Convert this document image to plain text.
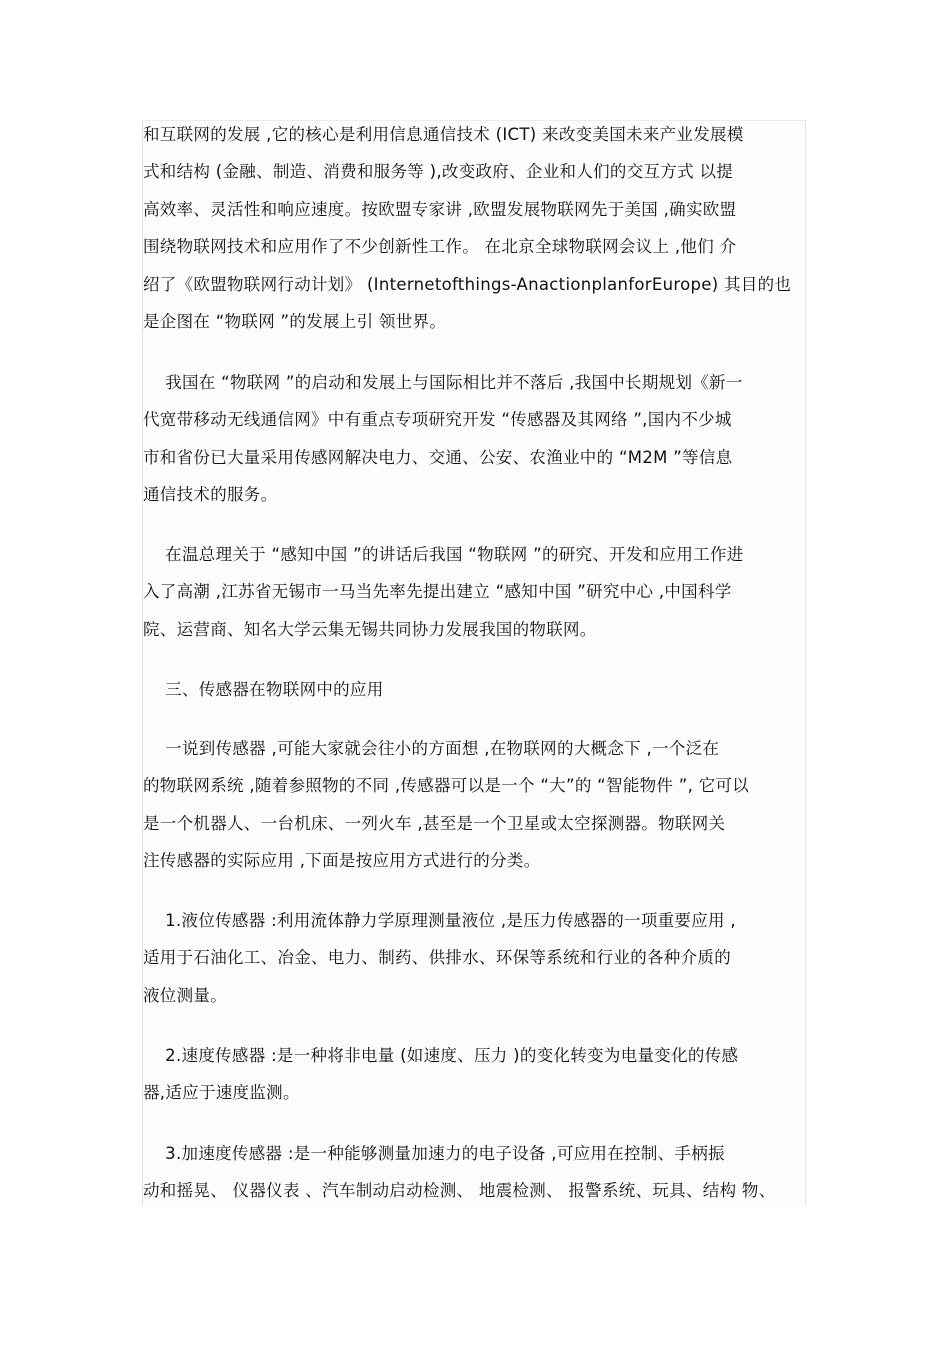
和互联网的发展 ,它的核心是利用信息通信技术 (ICT) 来改变美国未来产业发展模
式和结构 (金融、制造、消费和服务等 ),改变政府、企业和人们的交互方式 以提
高效率、灵活性和响应速度。按欧盟专家讲 ,欧盟发展物联网先于美国 ,确实欧盟
围绕物联网技术和应用作了不少创新性工作。 在北京全球物联网会议上 ,他们 介
绍了《欧盟物联网行动计划》 (Internetofthings-AnactionplanforEurope) 其目的也
是企图在 “物联网 ”的发展上引 领世界。
我国在 “物联网 ”的启动和发展上与国际相比并不落后 ,我国中长期规划《新一
代宽带移动无线通信网》中有重点专项研究开发 “传感器及其网络 ”,国内不少城
市和省份已大量采用传感网解决电力、交通、公安、农渔业中的 “M2M ”等信息
通信技术的服务。
在温总理关于 “感知中国 ”的讲话后我国 “物联网 ”的研究、开发和应用工作进
入了高潮 ,江苏省无锡市一马当先率先提出建立 “感知中国 ”研究中心 ,中国科学
院、运营商、知名大学云集无锡共同协力发展我国的物联网。
三、传感器在物联网中的应用
一说到传感器 ,可能大家就会往小的方面想 ,在物联网的大概念下 ,一个泛在
的物联网系统 ,随着参照物的不同 ,传感器可以是一个 “大”的 “智能物件 ”, 它可以
是一个机器人、一台机床、一列火车 ,甚至是一个卫星或太空探测器。物联网关
注传感器的实际应用 ,下面是按应用方式进行的分类。
1.液位传感器 :利用流体静力学原理测量液位 ,是压力传感器的一项重要应用 ,
适用于石油化工、冶金、电力、制药、供排水、环保等系统和行业的各种介质的
液位测量。
2.速度传感器 :是一种将非电量 (如速度、压力 )的变化转变为电量变化的传感
器,适应于速度监测。
3.加速度传感器 :是一种能够测量加速力的电子设备 ,可应用在控制、手柄振
动和摇晃、 仪器仪表 、汽车制动启动检测、 地震检测、 报警系统、玩具、结构 物、
